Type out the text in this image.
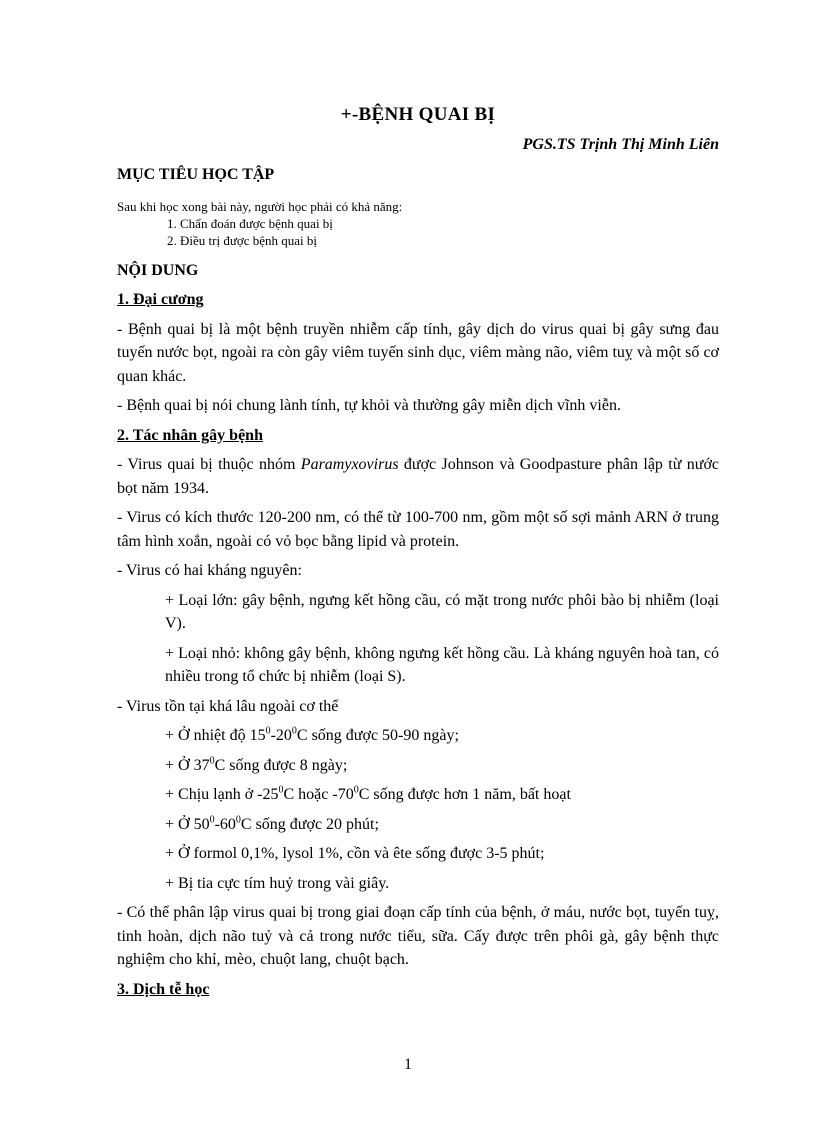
+-BỆNH QUAI BỊ
PGS.TS Trịnh Thị Minh Liên
MỤC TIÊU HỌC TẬP
Sau khi học xong bài này, người học phải có khả năng:
1. Chẩn đoán được bệnh quai bị
2. Điều trị được bệnh quai bị
NỘI DUNG
1. Đại cương
- Bệnh quai bị là một bệnh truyền nhiễm cấp tính, gây dịch do virus quai bị gây sưng đau tuyến nước bọt, ngoài ra còn gây viêm tuyến sinh dục, viêm màng não, viêm tuỵ và một số cơ quan khác.
- Bệnh quai bị nói chung lành tính, tự khỏi và thường gây miễn dịch vĩnh viễn.
2. Tác nhân gây bệnh
- Virus quai bị thuộc nhóm Paramyxovirus được Johnson và Goodpasture phân lập từ nước bọt năm 1934.
- Virus có kích thước 120-200 nm, có thể từ 100-700 nm, gồm một số sợi mảnh ARN ở trung tâm hình xoắn, ngoài có vỏ bọc bằng lipid và protein.
- Virus có hai kháng nguyên:
+ Loại lớn: gây bệnh, ngưng kết hồng cầu, có mặt trong nước phôi bào bị nhiễm (loại V).
+ Loại nhỏ: không gây bệnh, không ngưng kết hồng cầu. Là kháng nguyên hoà tan, có nhiều trong tổ chức bị nhiễm (loại S).
- Virus tồn tại khá lâu ngoài cơ thể
+ Ở nhiệt độ $15^0-20^0C$ sống được 50-90 ngày;
+ Ở $37^0C$ sống được 8 ngày;
+ Chịu lạnh ở $-25^0C$ hoặc $-70^0C$ sống được hơn 1 năm, bất hoạt
+ Ở $50^0-60^0C$ sống được 20 phút;
+ Ở formol 0,1%, lysol 1%, cồn và ête sống được 3-5 phút;
+ Bị tia cực tím huỷ trong vài giây.
- Có thể phân lập virus quai bị trong giai đoạn cấp tính của bệnh, ở máu, nước bọt, tuyến tuỵ, tinh hoàn, dịch não tuỷ và cả trong nước tiểu, sữa. Cấy được trên phôi gà, gây bệnh thực nghiệm cho khỉ, mèo, chuột lang, chuột bạch.
3. Dịch tễ học
1
